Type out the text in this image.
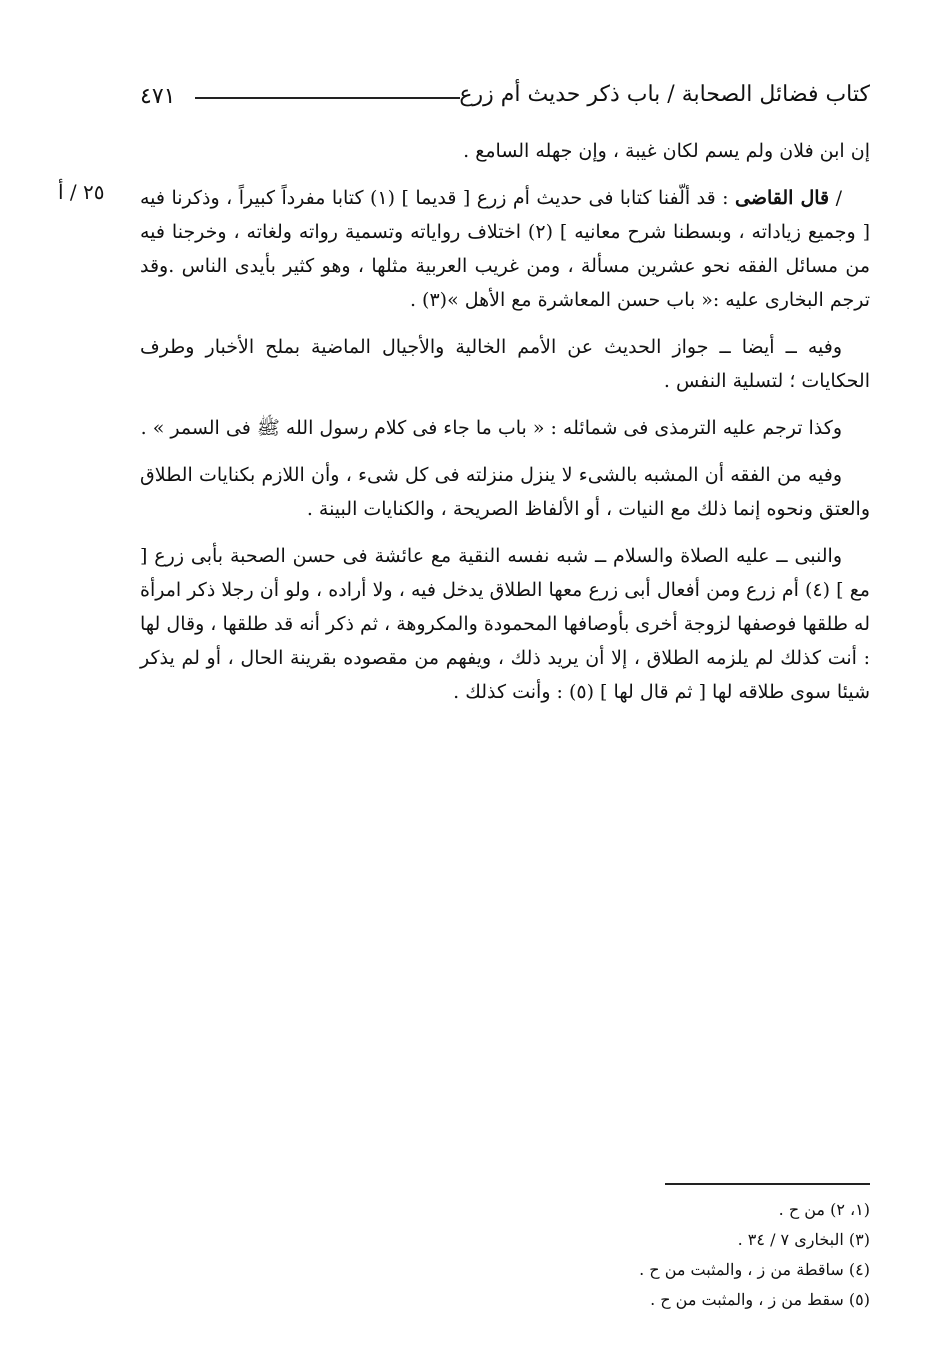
٤٧١	كتاب فضائل الصحابة / باب ذكر حديث أم زرع
٢٥ / أ

إن ابن فلان ولم يسم لكان غيبة ، وإن جهله السامع .

/ قال القاضى : قد ألّفنا كتابا فى حديث أم زرع [ قديما ] (١) كتابا مفرداً كبيراً ، وذكرنا فيه [ وجميع زياداته ، وبسطنا شرح معانيه ] (٢) اختلاف رواياته وتسمية رواته ولغاته ، وخرجنا فيه من مسائل الفقه نحو عشرين مسألة ، ومن غريب العربية مثلها ، وهو كثير بأيدى الناس .وقد ترجم البخارى عليه :« باب حسن المعاشرة مع الأهل »(٣) .

وفيه ــ أيضا ــ جواز الحديث عن الأمم الخالية والأجيال الماضية بملح الأخبار وطرف الحكايات ؛ لتسلية النفس .

وكذا ترجم عليه الترمذى فى شمائله : « باب ما جاء فى كلام رسول الله ﷺ فى السمر » .

وفيه من الفقه أن المشبه بالشىء لا ينزل منزلته فى كل شىء ، وأن اللازم بكنايات الطلاق والعتق ونحوه إنما ذلك مع النيات ، أو الألفاظ الصريحة ، والكنايات البينة .

والنبى ــ عليه الصلاة والسلام ــ شبه نفسه النقية مع عائشة فى حسن الصحبة بأبى زرع [ مع ] (٤) أم زرع ومن أفعال أبى زرع معها الطلاق يدخل فيه ، ولا أراده ، ولو أن رجلا ذكر امرأة له طلقها فوصفها لزوجة أخرى بأوصافها المحمودة والمكروهة ، ثم ذكر أنه قد طلقها ، وقال لها : أنت كذلك لم يلزمه الطلاق ، إلا أن يريد ذلك ، ويفهم من مقصوده بقرينة الحال ، أو لم يذكر شيئا سوى طلاقه لها [ ثم قال لها ] (٥) : وأنت كذلك .

(١، ٢) من ح .
(٣) البخارى ٧ / ٣٤ .
(٤) ساقطة من ز ، والمثبت من ح .
(٥) سقط من ز ، والمثبت من ح .
